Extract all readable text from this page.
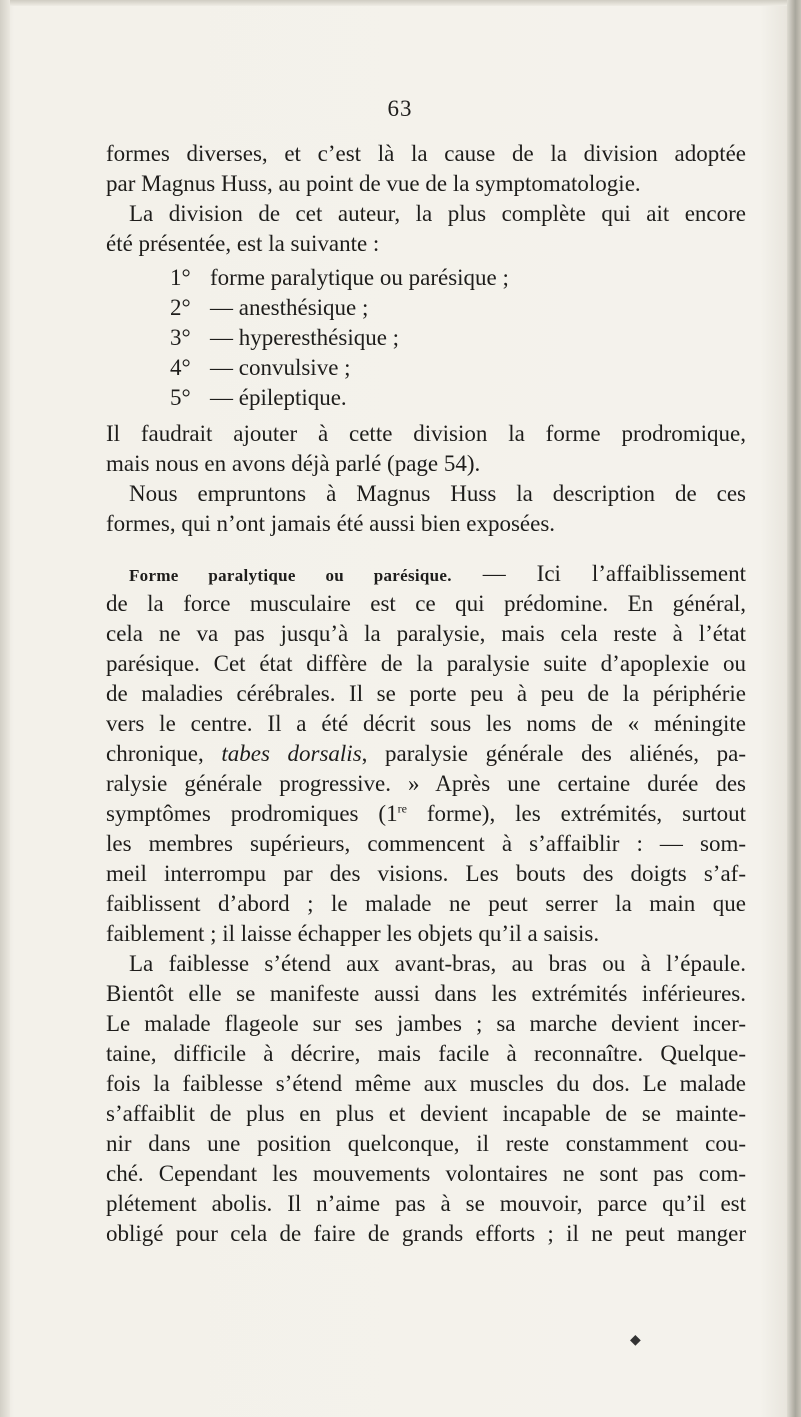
63
formes diverses, et c’est là la cause de la division adoptée
par Magnus Huss, au point de vue de la symptomatologie.
La division de cet auteur, la plus complète qui ait encore
été présentée, est la suivante :
1° forme paralytique ou parésique ;
2° — anesthésique ;
3° — hyperesthésique ;
4° — convulsive ;
5° — épileptique.
Il faudrait ajouter à cette division la forme prodromique,
mais nous en avons déjà parlé (page 54).
Nous empruntons à Magnus Huss la description de ces
formes, qui n’ont jamais été aussi bien exposées.
Forme paralytique ou parésique. — Ici l’affaiblissement
de la force musculaire est ce qui prédomine. En général,
cela ne va pas jusqu’à la paralysie, mais cela reste à l’état
parésique. Cet état diffère de la paralysie suite d’apoplexie ou
de maladies cérébrales. Il se porte peu à peu de la périphérie
vers le centre. Il a été décrit sous les noms de « méningite
chronique, tabes dorsalis, paralysie générale des aliénés, pa-
ralysie générale progressive. » Après une certaine durée des
symptômes prodromiques (1re forme), les extrémités, surtout
les membres supérieurs, commencent à s’affaiblir : — som-
meil interrompu par des visions. Les bouts des doigts s’af-
faiblissent d’abord ; le malade ne peut serrer la main que
faiblement ; il laisse échapper les objets qu’il a saisis.
La faiblesse s’étend aux avant-bras, au bras ou à l’épaule.
Bientôt elle se manifeste aussi dans les extrémités inférieures.
Le malade flageole sur ses jambes ; sa marche devient incer-
taine, difficile à décrire, mais facile à reconnaître. Quelque-
fois la faiblesse s’étend même aux muscles du dos. Le malade
s’affaiblit de plus en plus et devient incapable de se mainte-
nir dans une position quelconque, il reste constamment cou-
ché. Cependant les mouvements volontaires ne sont pas com-
plétement abolis. Il n’aime pas à se mouvoir, parce qu’il est
obligé pour cela de faire de grands efforts ; il ne peut manger
◆
